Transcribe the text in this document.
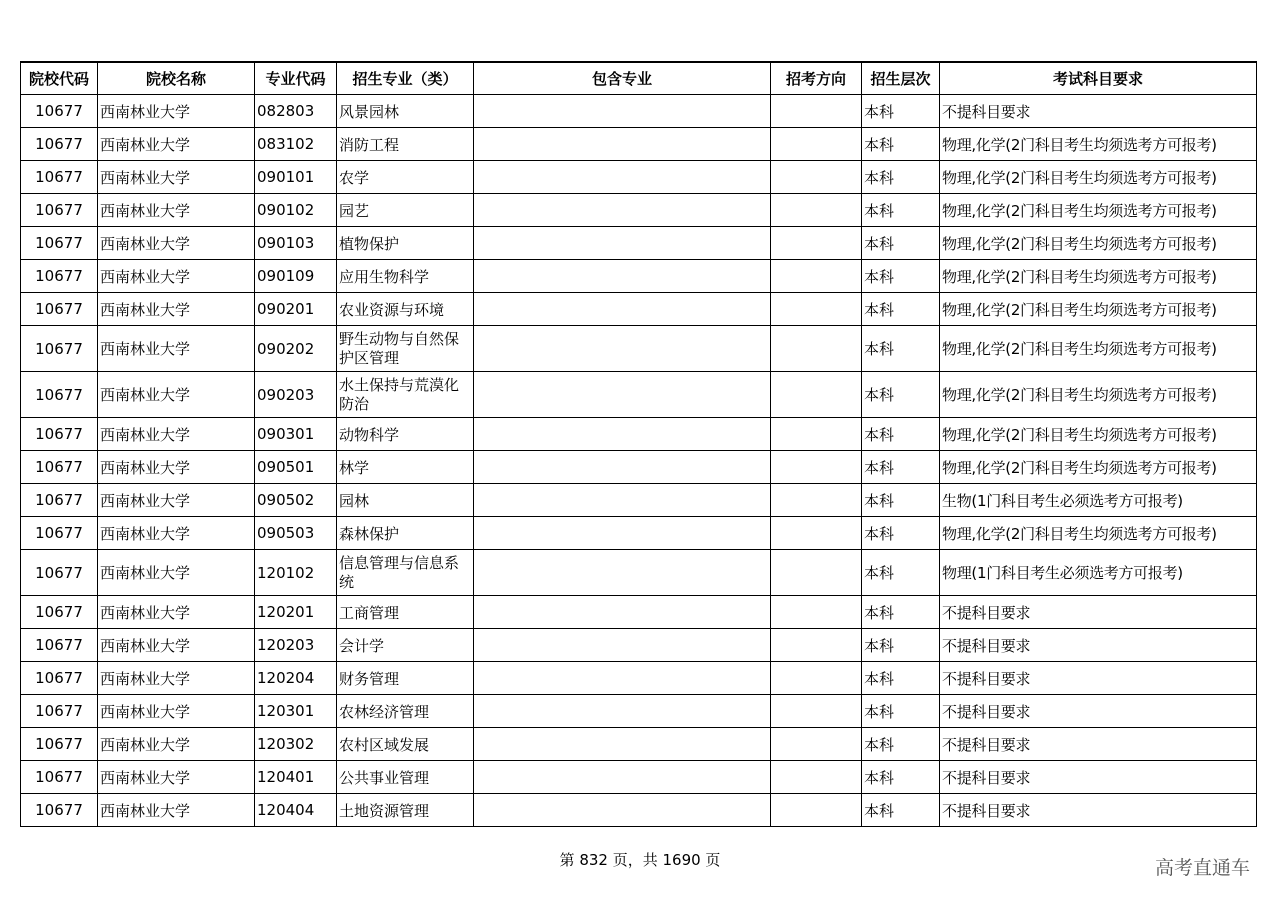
院校代码	院校名称	专业代码	招生专业（类）	包含专业	招考方向	招生层次	考试科目要求
10677	西南林业大学	082803	风景园林			本科	不提科目要求
10677	西南林业大学	083102	消防工程			本科	物理,化学(2门科目考生均须选考方可报考)
10677	西南林业大学	090101	农学			本科	物理,化学(2门科目考生均须选考方可报考)
10677	西南林业大学	090102	园艺			本科	物理,化学(2门科目考生均须选考方可报考)
10677	西南林业大学	090103	植物保护			本科	物理,化学(2门科目考生均须选考方可报考)
10677	西南林业大学	090109	应用生物科学			本科	物理,化学(2门科目考生均须选考方可报考)
10677	西南林业大学	090201	农业资源与环境			本科	物理,化学(2门科目考生均须选考方可报考)
10677	西南林业大学	090202	野生动物与自然保护区管理			本科	物理,化学(2门科目考生均须选考方可报考)
10677	西南林业大学	090203	水土保持与荒漠化防治			本科	物理,化学(2门科目考生均须选考方可报考)
10677	西南林业大学	090301	动物科学			本科	物理,化学(2门科目考生均须选考方可报考)
10677	西南林业大学	090501	林学			本科	物理,化学(2门科目考生均须选考方可报考)
10677	西南林业大学	090502	园林			本科	生物(1门科目考生必须选考方可报考)
10677	西南林业大学	090503	森林保护			本科	物理,化学(2门科目考生均须选考方可报考)
10677	西南林业大学	120102	信息管理与信息系统			本科	物理(1门科目考生必须选考方可报考)
10677	西南林业大学	120201	工商管理			本科	不提科目要求
10677	西南林业大学	120203	会计学			本科	不提科目要求
10677	西南林业大学	120204	财务管理			本科	不提科目要求
10677	西南林业大学	120301	农林经济管理			本科	不提科目要求
10677	西南林业大学	120302	农村区域发展			本科	不提科目要求
10677	西南林业大学	120401	公共事业管理			本科	不提科目要求
10677	西南林业大学	120404	土地资源管理			本科	不提科目要求
第 832 页，共 1690 页	高考直通车
